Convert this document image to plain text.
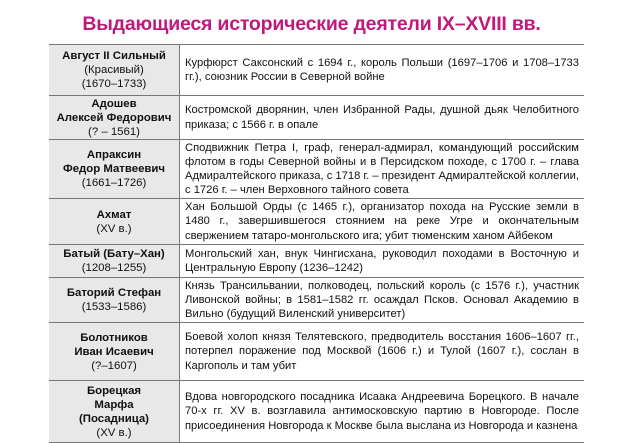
Выдающиеся исторические деятели IX–XVIII вв.
Август II Сильный
(Красивый)
(1670–1733)
Курфюрст Саксонский с 1694 г., король Польши (1697–1706 и 1708–1733 гг.), союзник России в Северной войне
Адошев
Алексей Федорович
(? – 1561)
Костромской дворянин, член Избранной Рады, душной дьяк Челобитного приказа; с 1566 г. в опале
Апраксин
Федор Матвеевич
(1661–1726)
Сподвижник Петра I, граф, генерал-адмирал, командующий российским флотом в годы Северной войны и в Персидском походе, с 1700 г. – глава Адмиралтейского приказа, с 1718 г. – президент Адмиралтейской коллегии, с 1726 г. – член Верховного тайного совета
Ахмат
(XV в.)
Хан Большой Орды (с 1465 г.), организатор похода на Русские земли в 1480 г., завершившегося стоянием на реке Угре и окончательным свержением татаро-монгольского ига; убит тюменским ханом Айбеком
Батый (Бату–Хан)
(1208–1255)
Монгольский хан, внук Чингисхана, руководил походами в Восточную и Центральную Европу (1236–1242)
Баторий Стефан
(1533–1586)
Князь Трансильвании, полководец, польский король (с 1576 г.), участник Ливонской войны; в 1581–1582 гг. осаждал Псков. Основал Академию в Вильно (будущий Виленский университет)
Болотников
Иван Исаевич
(?–1607)
Боевой холоп князя Телятевского, предводитель восстания 1606–1607 гг., потерпел поражение под Москвой (1606 г.) и Тулой (1607 г.), сослан в Каргополь и там убит
Борецкая
Марфа
(Посадница)
(XV в.)
Вдова новгородского посадника Исаака Андреевича Борецкого. В начале 70-х гг. XV в. возглавила антимосковскую партию в Новгороде. После присоединения Новгорода к Москве была выслана из Новгорода и казнена
